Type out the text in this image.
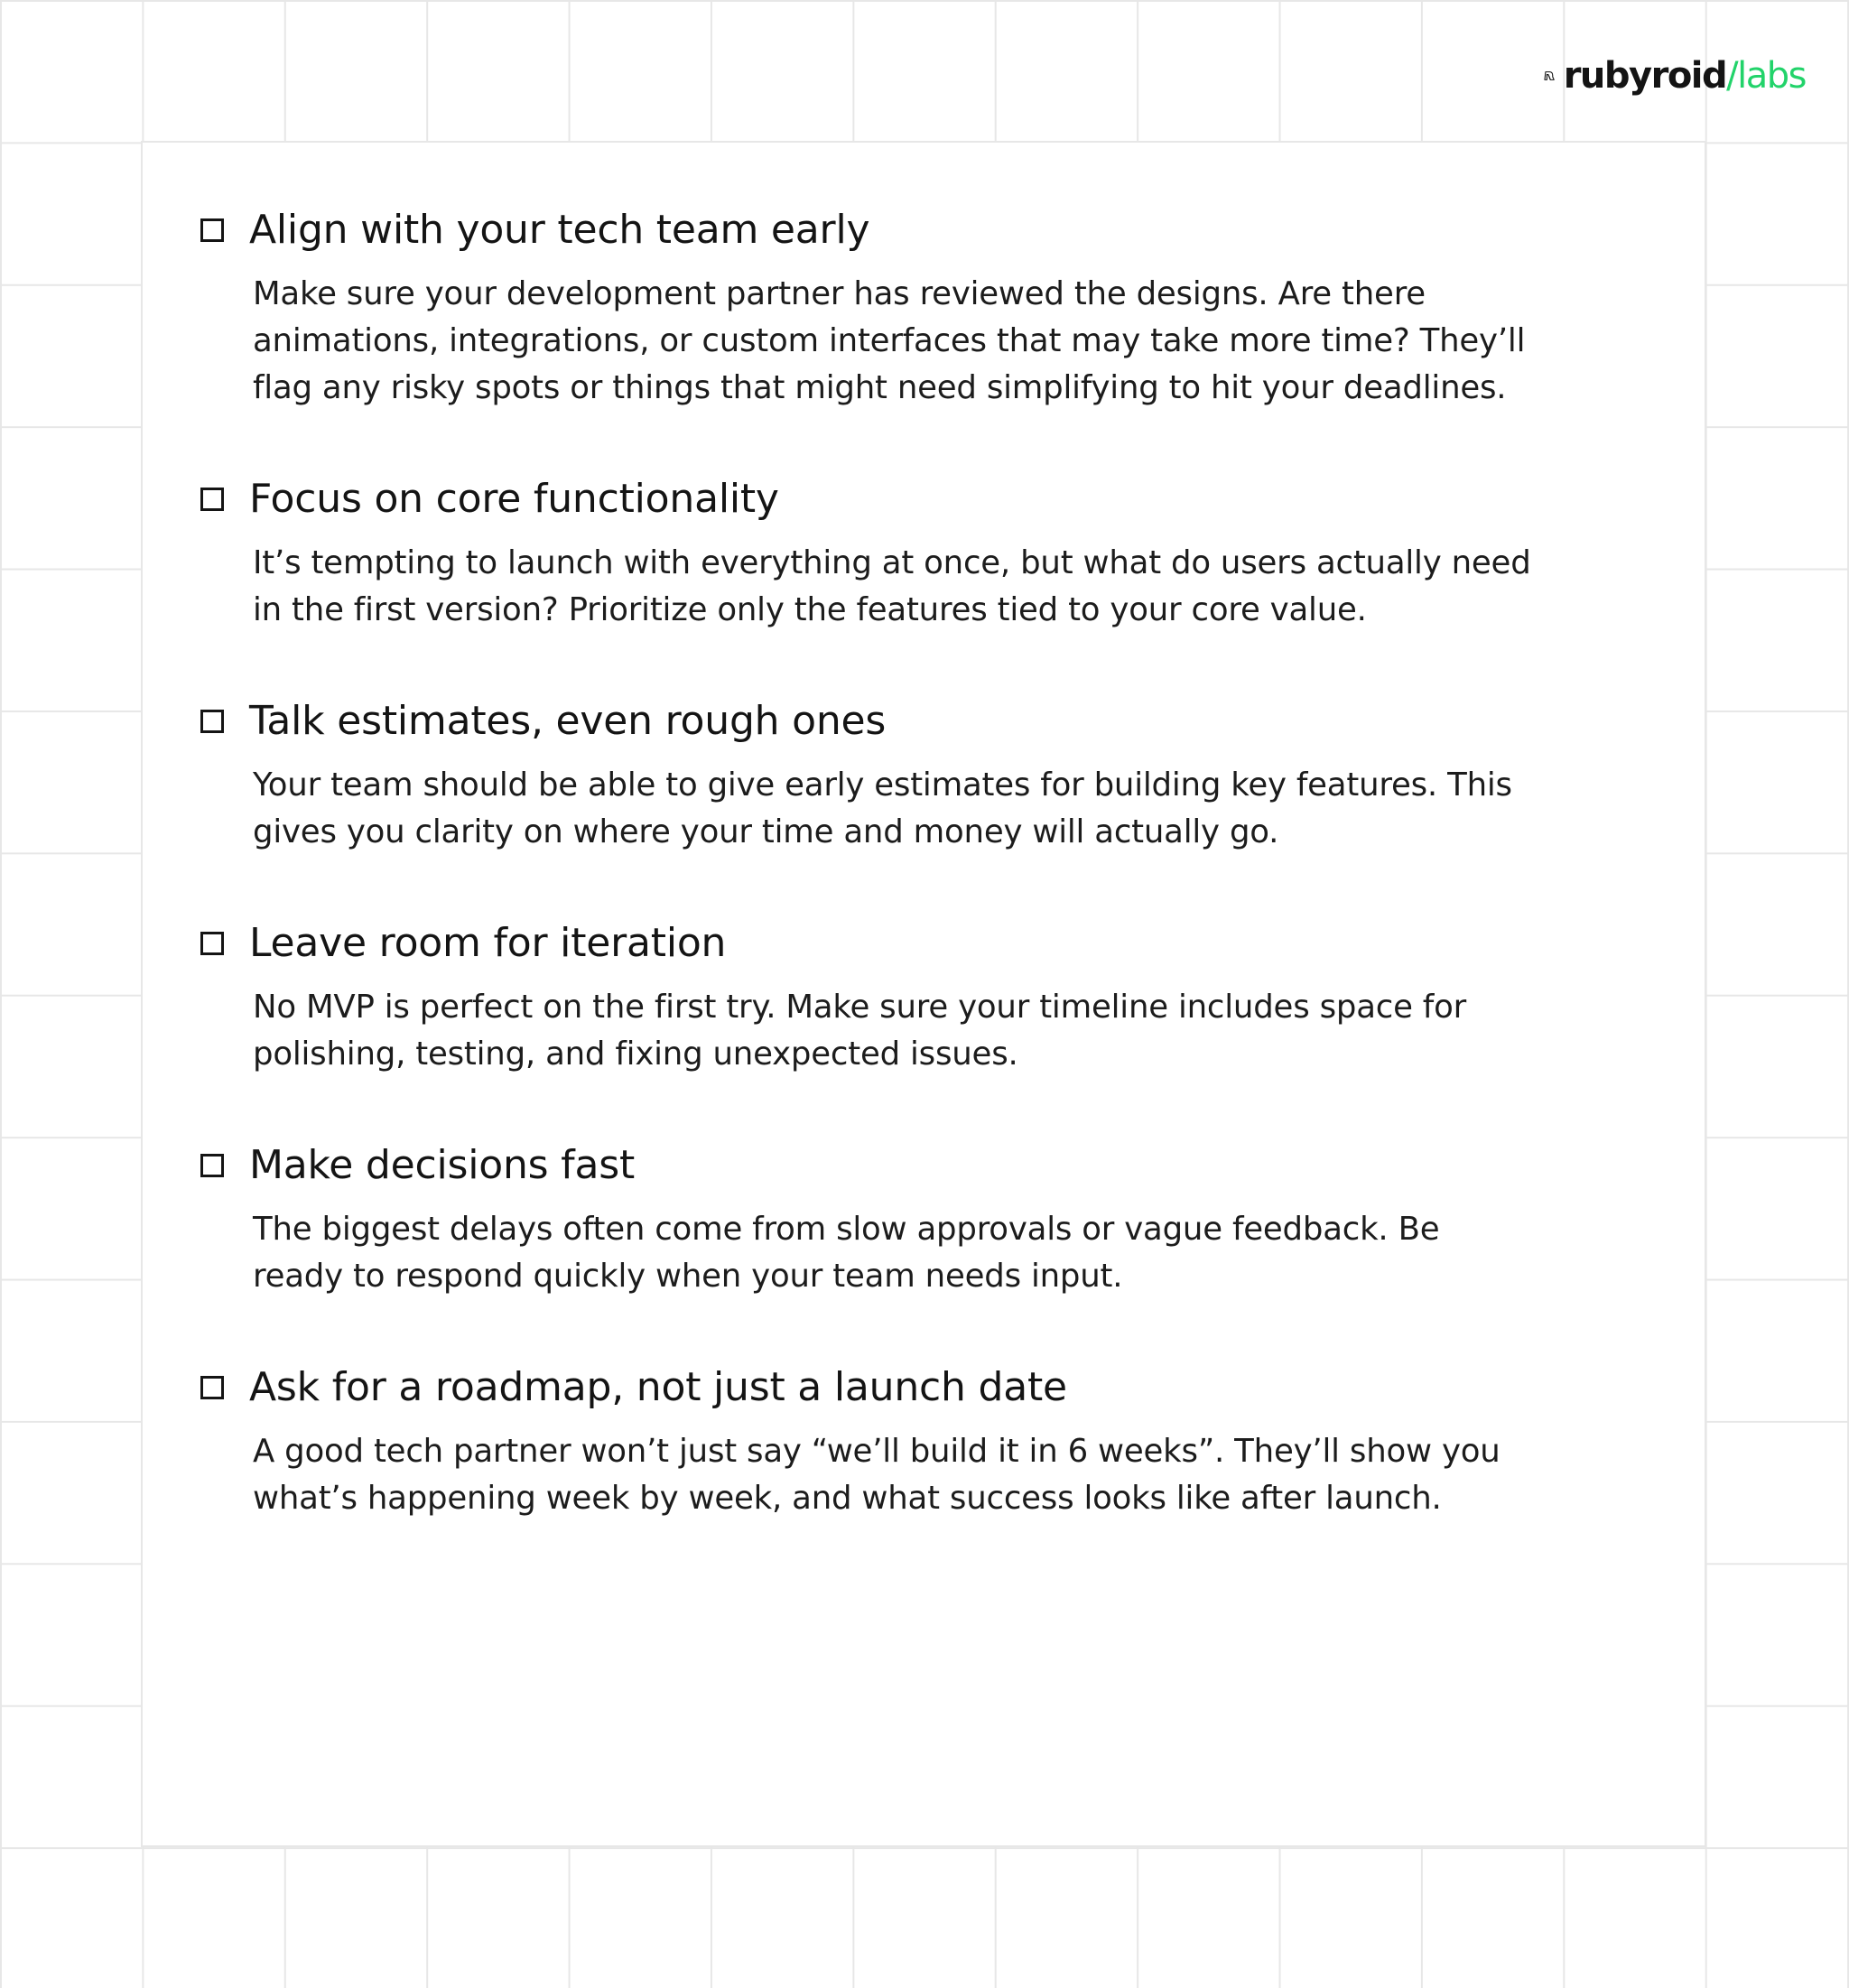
rubyroid/labs
Align with your tech team early
Make sure your development partner has reviewed the designs. Are there animations, integrations, or custom interfaces that may take more time? They’ll flag any risky spots or things that might need simplifying to hit your deadlines.
Focus on core functionality
It’s tempting to launch with everything at once, but what do users actually need in the first version? Prioritize only the features tied to your core value.
Talk estimates, even rough ones
Your team should be able to give early estimates for building key features. This gives you clarity on where your time and money will actually go.
Leave room for iteration
No MVP is perfect on the first try. Make sure your timeline includes space for polishing, testing, and fixing unexpected issues.
Make decisions fast
The biggest delays often come from slow approvals or vague feedback. Be ready to respond quickly when your team needs input.
Ask for a roadmap, not just a launch date
A good tech partner won’t just say “we’ll build it in 6 weeks”. They’ll show you what’s happening week by week, and what success looks like after launch.
